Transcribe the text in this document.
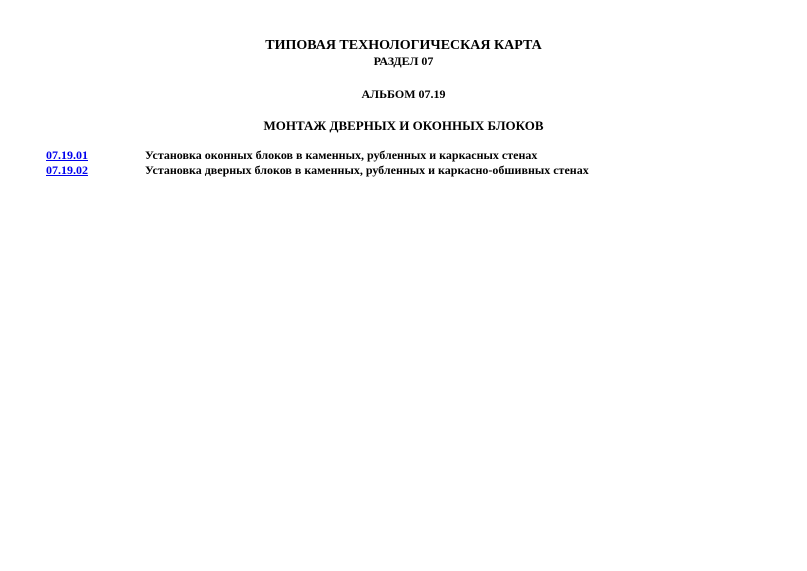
ТИПОВАЯ ТЕХНОЛОГИЧЕСКАЯ КАРТА
РАЗДЕЛ 07
АЛЬБОМ 07.19
МОНТАЖ ДВЕРНЫХ И ОКОННЫХ БЛОКОВ
07.19.01	Установка оконных блоков в каменных, рубленных и каркасных стенах
07.19.02	Установка дверных блоков в каменных, рубленных и каркасно-обшивных стенах
